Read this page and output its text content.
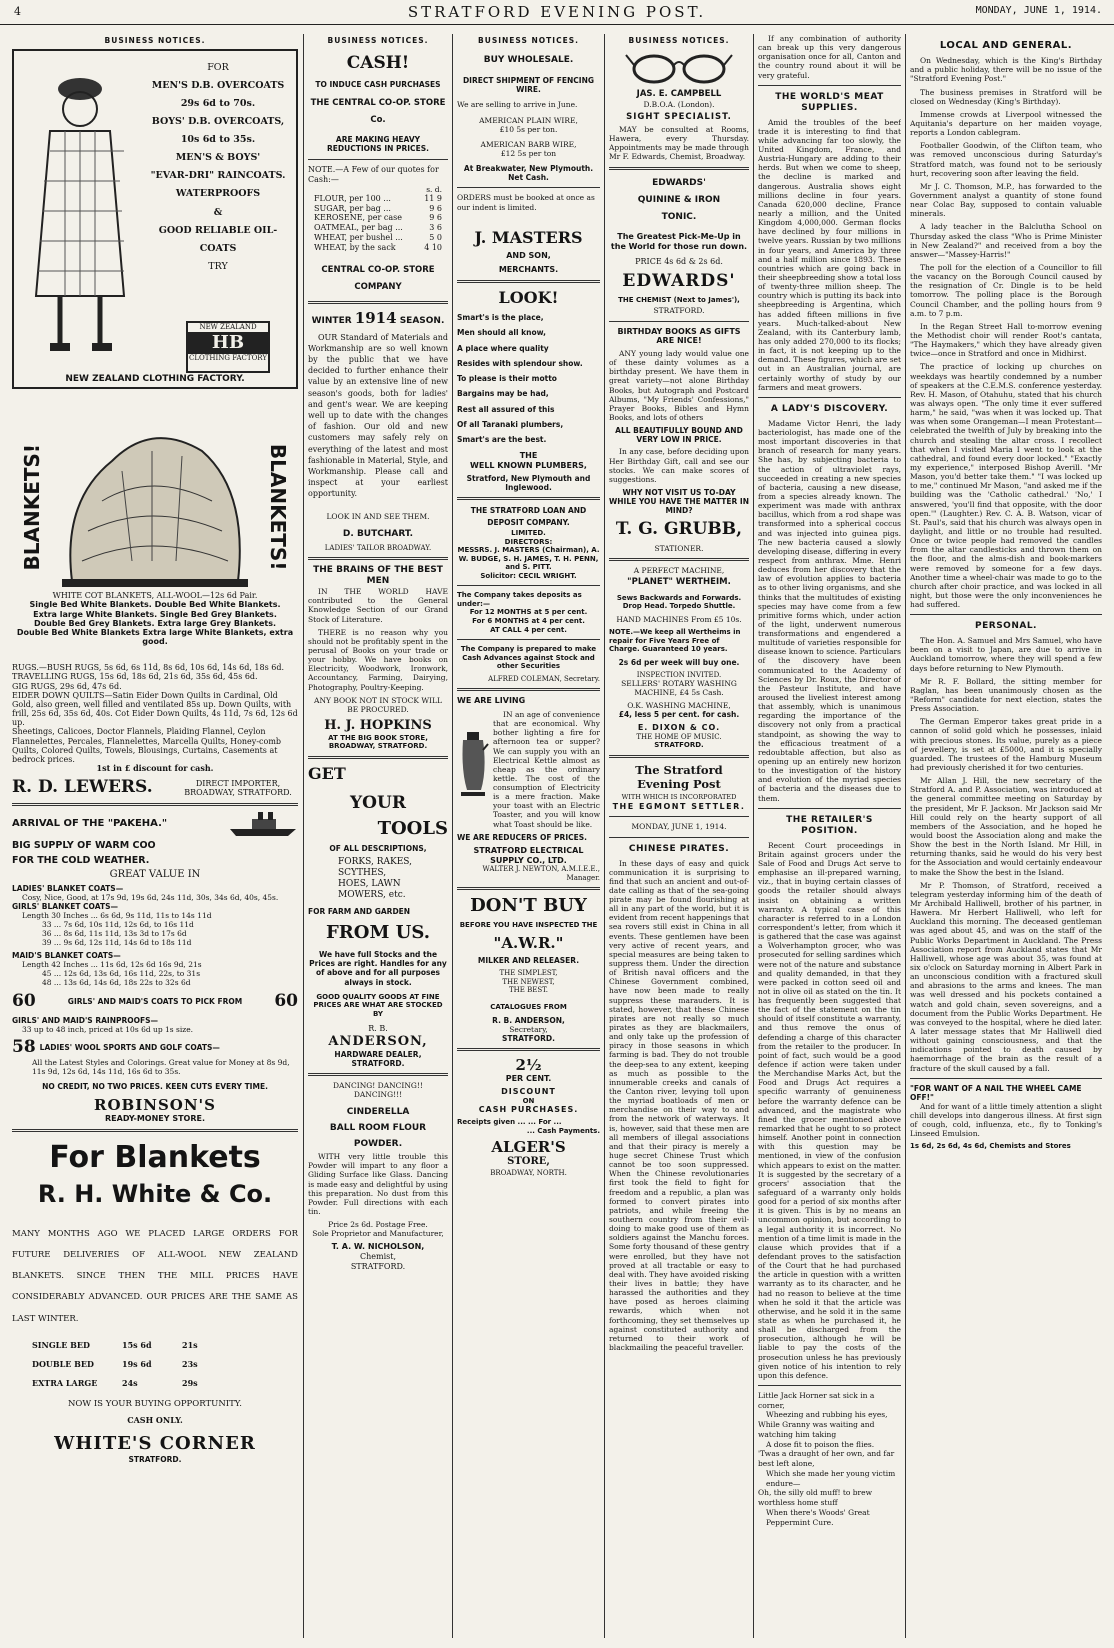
4	STRATFORD EVENING POST.	MONDAY, JUNE 1, 1914.
BUSINESS NOTICES.
FOR
MEN'S D.B. OVERCOATS
29s 6d to 70s.
BOYS' D.B. OVERCOATS,
10s 6d to 35s.
MEN'S & BOYS'
"EVAR-DRI" RAINCOATS.
WATERPROOFS
&
GOOD RELIABLE OIL-COATS
TRY
NEW ZEALAND
HB
CLOTHING FACTORY
NEW ZEALAND CLOTHING FACTORY.
BLANKETS!	BLANKETS!
WHITE COT BLANKETS, ALL-WOOL—12s 6d Pair.
Single Bed White Blankets. Double Bed White Blankets.
Extra large White Blankets. Single Bed Grey Blankets.
Double Bed Grey Blankets. Extra large Grey Blankets.
Double Bed White Blankets Extra large White Blankets, extra good.
RUGS.—BUSH RUGS, 5s 6d, 6s 11d, 8s 6d, 10s 6d, 14s 6d, 18s 6d.
TRAVELLING RUGS, 15s 6d, 18s 6d, 21s 6d, 35s 6d, 45s 6d.
GIG RUGS, 29s 6d, 47s 6d.
EIDER DOWN QUILTS—Satin Eider Down Quilts in Cardinal, Old Gold, also green, well filled and ventilated 85s up. Down Quilts, with frill, 25s 6d, 35s 6d, 40s. Cot Eider Down Quilts, 4s 11d, 7s 6d, 12s 6d up.
Sheetings, Calicoes, Doctor Flannels, Plaiding Flannel, Ceylon Flannelettes, Percales, Flannelettes, Marcella Quilts, Honey-comb Quilts, Colored Quilts, Towels, Blousings, Curtains, Casements at bedrock prices.
1st in £ discount for cash.
R. D. LEWERS.	DIRECT IMPORTER, BROADWAY, STRATFORD.
ARRIVAL OF THE "PAKEHA."
BIG SUPPLY OF WARM COO
FOR THE COLD WEATHER.
GREAT VALUE IN
LADIES' BLANKET COATS—
Cosy, Nice, Good, at 17s 9d, 19s 6d, 24s 11d, 30s, 34s 6d, 40s, 45s.
GIRLS' BLANKET COATS—
Length 30 Inches ... 6s 6d, 9s 11d, 11s to 14s 11d
33 ... 7s 6d, 10s 11d, 12s 6d, to 16s 11d
36 ... 8s 6d, 11s 11d, 13s 3d to 17s 6d
39 ... 9s 6d, 12s 11d, 14s 6d to 18s 11d
MAID'S BLANKET COATS—
Length 42 Inches ... 11s 6d, 12s 6d 16s 9d, 21s
45 ... 12s 6d, 13s 6d, 16s 11d, 22s, to 31s
48 ... 13s 6d, 14s 6d, 18s 22s to 32s 6d
60	GIRLS' AND MAID'S COATS TO PICK FROM 60
GIRLS' AND MAID'S RAINPROOFS—
33 up to 48 inch, priced at 10s 6d up 1s size.
58 LADIES' WOOL SPORTS AND GOLF COATS—
All the Latest Styles and Colorings. Great value for Money at 8s 9d, 11s 9d, 12s 6d, 14s 11d, 16s 6d to 35s.
NO CREDIT, NO TWO PRICES. KEEN CUTS EVERY TIME.
ROBINSON'S
READY-MONEY STORE.
For Blankets
R. H. White & Co.
MANY MONTHS AGO WE PLACED LARGE ORDERS FOR FUTURE DELIVERIES OF ALL-WOOL NEW ZEALAND BLANKETS. SINCE THEN THE MILL PRICES HAVE CONSIDERABLY ADVANCED. OUR PRICES ARE THE SAME AS LAST WINTER.
SINGLE BED	15s 6d	21s
DOUBLE BED	19s 6d	23s
EXTRA LARGE	24s	29s
NOW IS YOUR BUYING OPPORTUNITY.
CASH ONLY.
WHITE'S CORNER
STRATFORD.
BUSINESS NOTICES.
CASH!
TO INDUCE CASH PURCHASES
THE CENTRAL CO-OP. STORE Co.
ARE MAKING HEAVY REDUCTIONS IN PRICES.
NOTE.—A Few of our quotes for Cash:—
s. d.
FLOUR, per 100 ...	11 9
SUGAR, per bag ...	9 6
KEROSENE, per case	9 6
OATMEAL, per bag ...	3 6
WHEAT, per bushel ...	5 0
WHEAT, by the sack	4 10
CENTRAL CO-OP. STORE COMPANY
WINTER 1914 SEASON.

OUR Standard of Materials and Workmanship are so well known by the public that we have decided to further enhance their value by an extensive line of new season's goods, both for ladies' and gent's wear. We are keeping well up to date with the changes of fashion. Our old and new customers may safely rely on everything of the latest and most fashionable in Material, Style, and Workmanship. Please call and inspect at your earliest opportunity.

LOOK IN AND SEE THEM.
D. BUTCHART.
LADIES' TAILOR BROADWAY.
THE BRAINS OF THE BEST MEN

IN THE WORLD HAVE contributed to the General Knowledge Section of our Grand Stock of Literature.

THERE is no reason why you should not be profitably spent in the perusal of Books on your trade or your hobby. We have books on Electricity, Woodwork, Ironwork, Accountancy, Farming, Dairying, Photography, Poultry-Keeping.

ANY BOOK NOT IN STOCK WILL BE PROCURED.
H. J. HOPKINS
AT THE BIG BOOK STORE, BROADWAY, STRATFORD.
GET
YOUR
TOOLS
OF ALL DESCRIPTIONS,
FORKS, RAKES, SCYTHES, HOES, LAWN MOWERS, etc.
FOR FARM AND GARDEN
FROM US.
We have full Stocks and the Prices are right. Handles for any of above and for all purposes always in stock.
GOOD QUALITY GOODS AT FINE PRICES ARE WHAT ARE STOCKED BY
R. B.
ANDERSON,
HARDWARE DEALER, STRATFORD.
DANCING! DANCING!! DANCING!!!
CINDERELLA
BALL ROOM FLOUR
POWDER.

WITH very little trouble this Powder will impart to any floor a Gliding Surface like Glass. Dancing is made easy and delightful by using this preparation. No dust from this Powder. Full directions with each tin.

Price 2s 6d. Postage Free.
Sole Proprietor and Manufacturer,
T. A. W. NICHOLSON,
Chemist,
STRATFORD.
BUSINESS NOTICES.
BUY WHOLESALE.
DIRECT SHIPMENT OF FENCING WIRE.
We are selling to arrive in June.
AMERICAN PLAIN WIRE,
£10 5s per ton.
AMERICAN BARB WIRE,
£12 5s per ton
At Breakwater, New Plymouth. Net Cash.
ORDERS must be booked at once as our indent is limited.
J. MASTERS
AND SON,
MERCHANTS.
LOOK!
Smart's is the place,
Men should all know,
A place where quality
Resides with splendour show.
To please is their motto
Bargains may be had,
Rest all assured of this
Of all Taranaki plumbers,
Smart's are the best.
THE
WELL KNOWN PLUMBERS,
Stratford, New Plymouth and Inglewood.
THE STRATFORD LOAN AND DEPOSIT COMPANY.
LIMITED.
DIRECTORS:
MESSRS. J. MASTERS (Chairman), A. W. BUDGE, S. H. JAMES, T. H. PENN, and S. PITT.
Solicitor: CECIL WRIGHT.
The Company takes deposits as under:—
For 12 MONTHS at 5 per cent.
For 6 MONTHS at 4 per cent.
AT CALL 4 per cent.
The Company is prepared to make Cash Advances against Stock and other Securities
ALFRED COLEMAN, Secretary.
WE ARE LIVING

IN an age of convenience that are economical. Why bother lighting a fire for afternoon tea or supper? We can supply you with an Electrical Kettle almost as cheap as the ordinary kettle. The cost of the consumption of Electricity is a mere fraction. Make your toast with an Electric Toaster, and you will know what Toast should be like.

WE ARE REDUCERS OF PRICES.
STRATFORD ELECTRICAL SUPPLY CO., LTD.
WALTER J. NEWTON, A.M.I.E.E., Manager.
DON'T BUY
BEFORE YOU HAVE INSPECTED THE
"A.W.R."
MILKER AND RELEASER.
THE SIMPLEST, THE NEWEST, THE BEST.
CATALOGUES FROM
R. B. ANDERSON,
Secretary,
STRATFORD.
2½
PER CENT.
DISCOUNT
ON
CASH PURCHASES.
Receipts given ... ... For ...
... Cash Payments.
ALGER'S
STORE,
BROADWAY, NORTH.
BUSINESS NOTICES.
JAS. E. CAMPBELL
D.B.O.A. (London).
SIGHT SPECIALIST.

MAY be consulted at Rooms, Hawera, every Thursday. Appointments may be made through Mr F. Edwards, Chemist, Broadway.

EDWARDS'
QUININE & IRON
TONIC.
The Greatest Pick-Me-Up in the World for those run down.
PRICE 4s 6d & 2s 6d.
EDWARDS'
THE CHEMIST (Next to James'),
STRATFORD.
BIRTHDAY BOOKS AS GIFTS ARE NICE!

ANY young lady would value one of these dainty volumes as a birthday present. We have them in great variety—not alone Birthday Books, but Autograph and Postcard Albums, "My Friends' Confessions," Prayer Books, Bibles and Hymn Books, and lots of others

ALL BEAUTIFULLY BOUND AND VERY LOW IN PRICE.

In any case, before deciding upon Her Birthday Gift, call and see our stocks. We can make scores of suggestions.

WHY NOT VISIT US TO-DAY WHILE YOU HAVE THE MATTER IN MIND?
T. G. GRUBB,
STATIONER.
A PERFECT MACHINE,
"PLANET" WERTHEIM.
Sews Backwards and Forwards. Drop Head. Torpedo Shuttle.
HAND MACHINES From £5 10s.
NOTE.—We keep all Wertheims in repair for Five Years Free of Charge. Guaranteed 10 years.
2s 6d per week will buy one.
INSPECTION INVITED.
SELLERS' ROTARY WASHING MACHINE, £4 5s Cash.
O.K. WASHING MACHINE,
£4, less 5 per cent. for cash.
E. DIXON & CO.
THE HOME OF MUSIC.
STRATFORD.
The Stratford Evening Post
WITH WHICH IS INCORPORATED
THE EGMONT SETTLER.
MONDAY, JUNE 1, 1914.
CHINESE PIRATES.

In these days of easy and quick communication it is surprising to find that such an ancient and out-of-date calling as that of the sea-going pirate may be found flourishing at all in any part of the world, but it is evident from recent happenings that sea rovers still exist in China in all events. These gentlemen have been very active of recent years, and special measures are being taken to suppress them. Under the direction of British naval officers and the Chinese Government combined, have now been made to really suppress these marauders. It is stated, however, that these Chinese pirates are not really so much pirates as they are blackmailers, and only take up the profession of piracy in those seasons in which farming is bad. They do not trouble the deep-sea to any extent, keeping as much as possible to the innumerable creeks and canals of the Canton river, levying toll upon the myriad boatloads of men or merchandise on their way to and from the network of waterways. It is, however, said that these men are all members of illegal associations and that their piracy is merely a huge secret Chinese Trust which cannot be too soon suppressed. When the Chinese revolutionaries first took the field to fight for freedom and a republic, a plan was formed to convert pirates into patriots, and while freeing the southern country from their evil-doing to make good use of them as soldiers against the Manchu forces. Some forty thousand of these gentry were enrolled, but they have not proved at all tractable or easy to deal with. They have avoided risking their lives in battle; they have harassed the authorities and they have posed as heroes claiming rewards, which when not forthcoming, they set themselves up against constituted authority and returned to their work of blackmailing the peaceful traveller.

If any combination of authority can break up this very dangerous organisation once for all, Canton and the country round about it will be very grateful.

THE WORLD'S MEAT SUPPLIES.

Amid the troubles of the beef trade it is interesting to find that while advancing far too slowly, the United Kingdom, France, and Austria-Hungary are adding to their herds. But when we come to sheep, the decline is marked and dangerous. Australia shows eight millions decline in four years. Canada 620,000 decline, France nearly a million, and the United Kingdom 4,000,000. German flocks have declined by four millions in twelve years. Russian by two millions in four years, and America by three and a half million since 1893. These countries which are going back in their sheepbreeding show a total loss of twenty-three million sheep. The country which is putting its back into sheepbreeding is Argentina, which has added fifteen millions in five years. Much-talked-about New Zealand, with its Canterbury lamb, has only added 270,000 to its flocks; in fact, it is not keeping up to the demand. These figures, which are set out in an Australian journal, are certainly worthy of study by our farmers and meat growers.

A LADY'S DISCOVERY.

Madame Victor Henri, the lady bacteriologist, has made one of the most important discoveries in that branch of research for many years. She has, by subjecting bacteria to the action of ultraviolet rays, succeeded in creating a new species of bacteria, causing a new disease, from a species already known. The experiment was made with anthrax bacillus, which from a rod shape was transformed into a spherical coccus and was injected into guinea pigs. The new bacteria caused a slowly developing disease, differing in every respect from anthrax. Mme. Henri deduces from her discovery that the law of evolution applies to bacteria as to other living organisms, and she thinks that the multitudes of existing species may have come from a few primitive forms which, under action of the light, underwent numerous transformations and engendered a multitude of varieties responsible for disease known to science. Particulars of the discovery have been communicated to the Academy of Sciences by Dr. Roux, the Director of the Pasteur Institute, and have aroused the liveliest interest among that assembly, which is unanimous regarding the importance of the discovery not only from a practical standpoint, as showing the way to the efficacious treatment of a redoubtable affection, but also as opening up an entirely new horizon to the investigation of the history and evolution of the myriad species of bacteria and the diseases due to them.

THE RETAILER'S POSITION.

Recent Court proceedings in Britain against grocers under the Sale of Food and Drugs Act serve to emphasise an ill-prepared warning, viz., that in buying certain classes of goods the retailer should always insist on obtaining a written warranty. A typical case of this character is referred to in a London correspondent's letter, from which it is gathered that the case was against a Wolverhampton grocer, who was prosecuted for selling sardines which were not of the nature and substance and quality demanded, in that they were packed in cotton seed oil and not in olive oil as stated on the tin. It has frequently been suggested that the fact of the statement on the tin should of itself constitute a warranty, and thus remove the onus of defending a charge of this character from the retailer to the producer. In point of fact, such would be a good defence if action were taken under the Merchandise Marks Act, but the Food and Drugs Act requires a specific warranty of genuineness before the warranty defence can be advanced, and the magistrate who fined the grocer mentioned above remarked that he ought to so protect himself. Another point in connection with this question may be mentioned, in view of the confusion which appears to exist on the matter. It is suggested by the secretary of a grocers' association that the safeguard of a warranty only holds good for a period of six months after it is given. This is by no means an uncommon opinion, but according to a legal authority it is incorrect. No mention of a time limit is made in the clause which provides that if a defendant proves to the satisfaction of the Court that he had purchased the article in question with a written warranty as to its character, and he had no reason to believe at the time when he sold it that the article was otherwise, and he sold it in the same state as when he purchased it, he shall be discharged from the prosecution, although he will be liable to pay the costs of the prosecution unless he has previously given notice of his intention to rely upon this defence.

Little Jack Horner sat sick in a corner,
Wheezing and rubbing his eyes,
While Granny was waiting and watching him taking
A dose fit to poison the flies.
'Twas a draught of her own, and far best left alone,
Which she made her young victim endure—
Oh, the silly old muff! to brew worthless home stuff
When there's Woods' Great Peppermint Cure.
LOCAL AND GENERAL.

On Wednesday, which is the King's Birthday and a public holiday, there will be no issue of the "Stratford Evening Post."

The business premises in Stratford will be closed on Wednesday (King's Birthday).

Immense crowds at Liverpool witnessed the Aquitania's departure on her maiden voyage, reports a London cablegram.

Footballer Goodwin, of the Clifton team, who was removed unconscious during Saturday's Stratford match, was found not to be seriously hurt, recovering soon after leaving the field.

Mr J. C. Thomson, M.P., has forwarded to the Government analyst a quantity of stone found near Colac Bay, supposed to contain valuable minerals.

A lady teacher in the Balclutha School on Thursday asked the class "Who is Prime Minister in New Zealand?" and received from a boy the answer—"Massey-Harris!"

The poll for the election of a Councillor to fill the vacancy on the Borough Council caused by the resignation of Cr. Dingle is to be held tomorrow. The polling place is the Borough Council Chamber, and the polling hours from 9 a.m. to 7 p.m.

In the Regan Street Hall to-morrow evening the Methodist choir will render Root's cantata, "The Haymakers," which they have already given twice—once in Stratford and once in Midhirst.

The practice of locking up churches on weekdays was heartily condemned by a number of speakers at the C.E.M.S. conference yesterday. Rev. H. Mason, of Otahuhu, stated that his church was always open. "The only time it ever suffered harm," he said, "was when it was locked up. That was when some Orangeman—I mean Protestant—celebrated the twelfth of July by breaking into the church and stealing the altar cross. I recollect that when I visited Maria I went to look at the cathedral, and found every door locked." "Exactly my experience," interposed Bishop Averill. "Mr Mason, you'd better take them." "I was locked up to me," continued Mr Mason, "and asked me if the building was the 'Catholic cathedral.' 'No,' I answered, 'you'll find that opposite, with the door open.'" (Laughter.) Rev. C. A. B. Watson, vicar of St. Paul's, said that his church was always open in daylight, and little or no trouble had resulted. Once or twice people had removed the candles from the altar candlesticks and thrown them on the floor, and the alms-dish and book-markers were removed by someone for a few days. Another time a wheel-chair was made to go to the church after choir practice, and was locked in all night, but those were the only inconveniences he had suffered.

PERSONAL.

The Hon. A. Samuel and Mrs Samuel, who have been on a visit to Japan, are due to arrive in Auckland tomorrow, where they will spend a few days before returning to New Plymouth.

Mr R. F. Bollard, the sitting member for Raglan, has been unanimously chosen as the "Reform" candidate for next election, states the Press Association.

The German Emperor takes great pride in a cannon of solid gold which he possesses, inlaid with precious stones. Its value, purely as a piece of jewellery, is set at £5000, and it is specially guarded. The trustees of the Hamburg Museum had previously cherished it for two centuries.

Mr Allan J. Hill, the new secretary of the Stratford A. and P. Association, was introduced at the general committee meeting on Saturday by the president, Mr F. Jackson. Mr Jackson said Mr Hill could rely on the hearty support of all members of the Association, and he hoped he would boost the Association along and make the Show the best in the North Island. Mr Hill, in returning thanks, said he would do his very best for the Association and would certainly endeavour to make the Show the best in the Island.

Mr P. Thomson, of Stratford, received a telegram yesterday informing him of the death of Mr Archibald Halliwell, brother of his partner, in Hawera. Mr Herbert Halliwell, who left for Auckland this morning. The deceased gentleman was aged about 45, and was on the staff of the Public Works Department in Auckland. The Press Association report from Auckland states that Mr Halliwell, whose age was about 35, was found at six o'clock on Saturday morning in Albert Park in an unconscious condition with a fractured skull and abrasions to the arms and knees. The man was well dressed and his pockets contained a watch and gold chain, seven sovereigns, and a document from the Public Works Department. He was conveyed to the hospital, where he died later. A later message states that Mr Halliwell died without gaining consciousness, and that the indications pointed to death caused by haemorrhage of the brain as the result of a fracture of the skull caused by a fall.

"FOR WANT OF A NAIL THE WHEEL CAME OFF!"

And for want of a little timely attention a slight chill develops into dangerous illness. At first sign of cough, cold, influenza, etc., fly to Tonking's Linseed Emulsion.

1s 6d, 2s 6d, 4s 6d, Chemists and Stores
